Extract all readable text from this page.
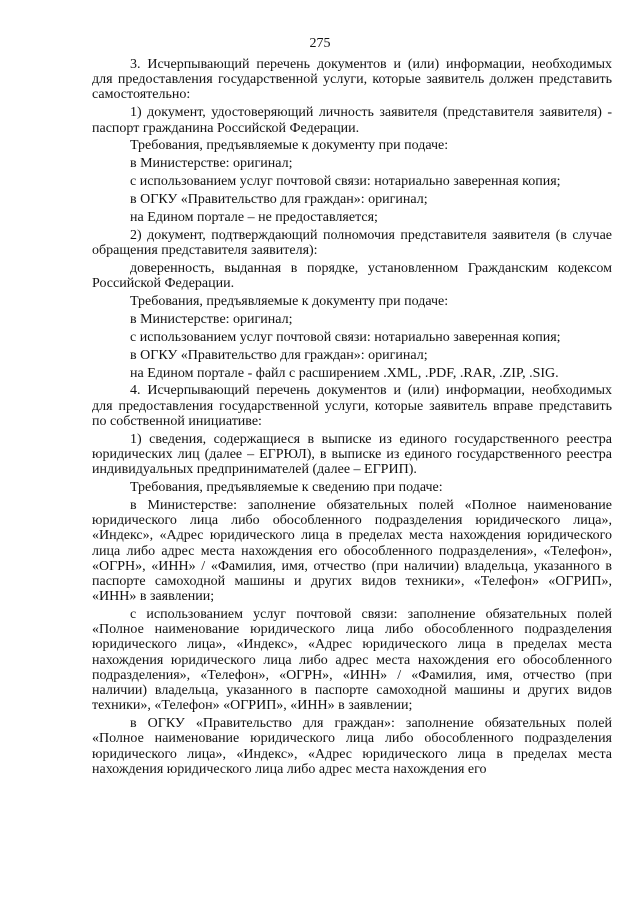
275

3. Исчерпывающий перечень документов и (или) информации, необходимых для предоставления государственной услуги, которые заявитель должен представить самостоятельно:

1) документ, удостоверяющий личность заявителя (представителя заявителя) - паспорт гражданина Российской Федерации.

Требования, предъявляемые к документу при подаче:

в Министерстве: оригинал;

с использованием услуг почтовой связи: нотариально заверенная копия;

в ОГКУ «Правительство для граждан»: оригинал;

на Едином портале – не предоставляется;

2) документ, подтверждающий полномочия представителя заявителя (в случае обращения представителя заявителя):

доверенность, выданная в порядке, установленном Гражданским кодексом Российской Федерации.

Требования, предъявляемые к документу при подаче:

в Министерстве: оригинал;

с использованием услуг почтовой связи: нотариально заверенная копия;

в ОГКУ «Правительство для граждан»: оригинал;

на Едином портале - файл с расширением .XML, .PDF, .RAR, .ZIP, .SIG.

4. Исчерпывающий перечень документов и (или) информации, необходимых для предоставления государственной услуги, которые заявитель вправе представить по собственной инициативе:

1) сведения, содержащиеся в выписке из единого государственного реестра юридических лиц (далее – ЕГРЮЛ), в выписке из единого государственного реестра индивидуальных предпринимателей (далее – ЕГРИП).

Требования, предъявляемые к сведению при подаче:

в Министерстве: заполнение обязательных полей «Полное наименование юридического лица либо обособленного подразделения юридического лица», «Индекс», «Адрес юридического лица в пределах места нахождения юридического лица либо адрес места нахождения его обособленного подразделения», «Телефон», «ОГРН», «ИНН» / «Фамилия, имя, отчество (при наличии) владельца, указанного в паспорте самоходной машины и других видов техники», «Телефон» «ОГРИП», «ИНН» в заявлении;

с использованием услуг почтовой связи: заполнение обязательных полей «Полное наименование юридического лица либо обособленного подразделения юридического лица», «Индекс», «Адрес юридического лица в пределах места нахождения юридического лица либо адрес места нахождения его обособленного подразделения», «Телефон», «ОГРН», «ИНН» / «Фамилия, имя, отчество (при наличии) владельца, указанного в паспорте самоходной машины и других видов техники», «Телефон» «ОГРИП», «ИНН» в заявлении;

в ОГКУ «Правительство для граждан»: заполнение обязательных полей «Полное наименование юридического лица либо обособленного подразделения юридического лица», «Индекс», «Адрес юридического лица в пределах места нахождения юридического лица либо адрес места нахождения его
